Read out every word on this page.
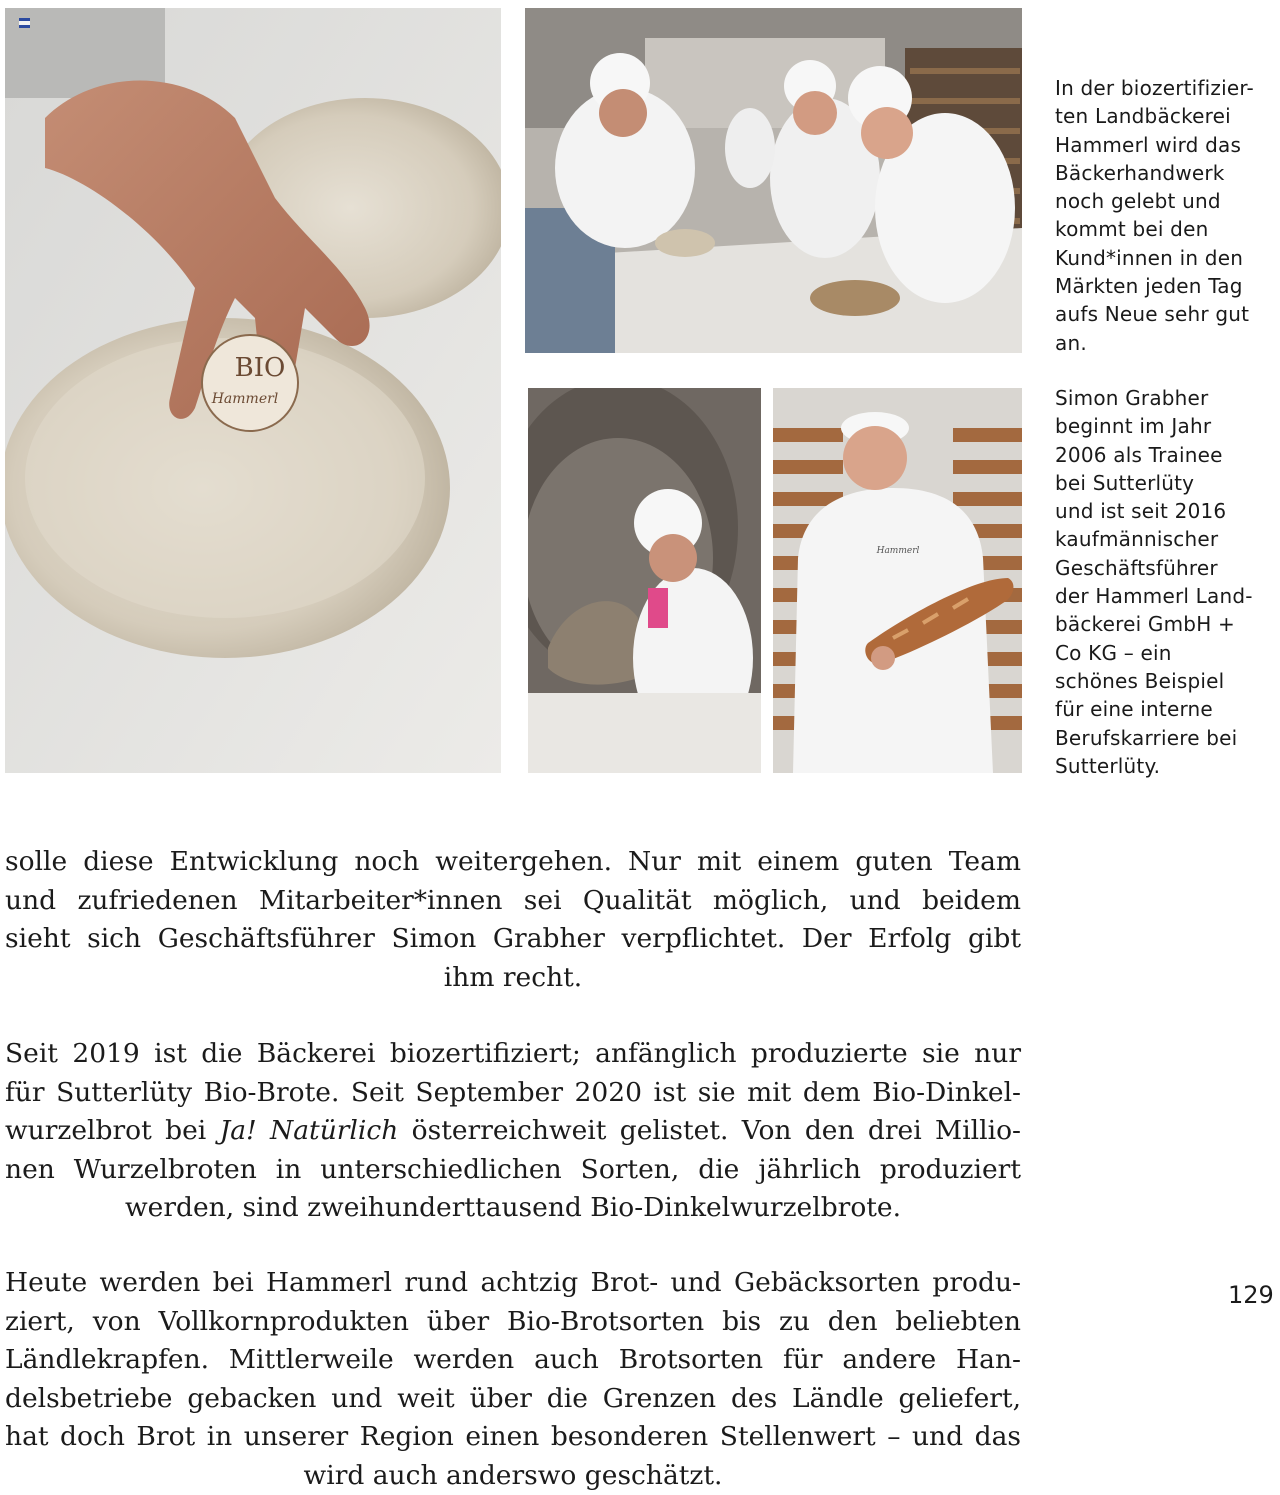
BIO
Hammerl
Hammerl
In der biozertifizier-
ten Landbäckerei
Hammerl wird das
Bäckerhandwerk
noch gelebt und
kommt bei den
Kund*innen in den
Märkten jeden Tag
aufs Neue sehr gut
an.
Simon Grabher
beginnt im Jahr
2006 als Trainee
bei Sutterlüty
und ist seit 2016
kaufmännischer
Geschäftsführer
der Hammerl Land-
bäckerei GmbH +
Co KG – ein
schönes Beispiel
für eine interne
Berufskarriere bei
Sutterlüty.
solle diese Entwicklung noch weitergehen. Nur mit einem guten Team
und zufriedenen Mitarbeiter*innen sei Qualität möglich, und beidem
sieht sich Geschäftsführer Simon Grabher verpflichtet. Der Erfolg gibt
ihm recht.
Seit 2019 ist die Bäckerei biozertifiziert; anfänglich produzierte sie nur
für Sutterlüty Bio-Brote. Seit September 2020 ist sie mit dem Bio-Dinkel-
wurzelbrot bei Ja! Natürlich österreichweit gelistet. Von den drei Millio-
nen Wurzelbroten in unterschiedlichen Sorten, die jährlich produziert
werden, sind zweihunderttausend Bio-Dinkelwurzelbrote.
Heute werden bei Hammerl rund achtzig Brot- und Gebäcksorten produ-
ziert, von Vollkornprodukten über Bio-Brotsorten bis zu den beliebten
Ländlekrapfen. Mittlerweile werden auch Brotsorten für andere Han-
delsbetriebe gebacken und weit über die Grenzen des Ländle geliefert,
hat doch Brot in unserer Region einen besonderen Stellenwert – und das
wird auch anderswo geschätzt.
129
